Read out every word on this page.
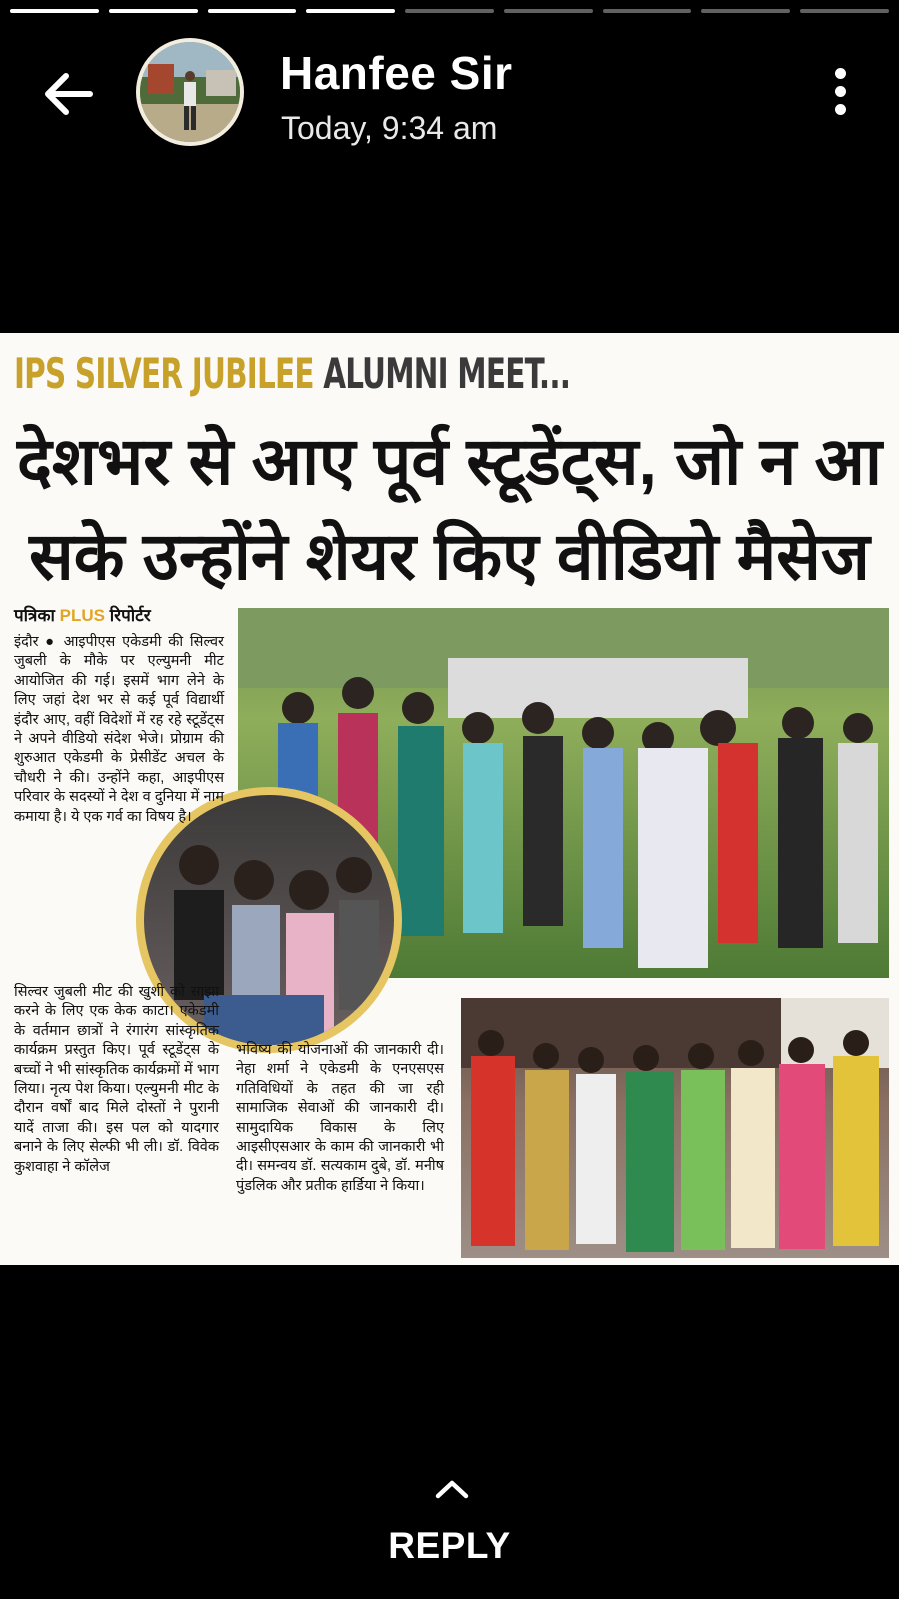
Hanfee Sir
Today, 9:34 am
IPS SILVER JUBILEE ALUMNI MEET...
देशभर से आए पूर्व स्टूडेंट्स, जो न आ
सके उन्होंने शेयर किए वीडियो मैसेज
पत्रिका PLUS रिपोर्टर
इंदौर ● आइपीएस एकेडमी की सिल्वर जुबली के मौके पर एल्युमनी मीट आयोजित की गई। इसमें भाग लेने के लिए जहां देश भर से कई पूर्व विद्यार्थी इंदौर आए, वहीं विदेशों में रह रहे स्टूडेंट्स ने अपने वीडियो संदेश भेजे। प्रोग्राम की शुरुआत एकेडमी के प्रेसीडेंट अचल के चौधरी ने की। उन्होंने कहा, आइपीएस परिवार के सदस्यों ने देश व दुनिया में नाम कमाया है। ये एक गर्व का विषय है।
सिल्वर जुबली मीट की खुशी को साझा करने के लिए एक केक काटा। एकेडमी के वर्तमान छात्रों ने रंगारंग सांस्कृतिक कार्यक्रम प्रस्तुत किए। पूर्व स्टूडेंट्स के बच्चों ने भी सांस्कृतिक कार्यक्रमों में भाग लिया। नृत्य पेश किया। एल्युमनी मीट के दौरान वर्षों बाद मिले दोस्तों ने पुरानी यादें ताजा की। इस पल को यादगार बनाने के लिए सेल्फी भी ली। डॉ. विवेक कुशवाहा ने कॉलेज
भविष्य की योजनाओं की जानकारी दी। नेहा शर्मा ने एकेडमी के एनएसएस गतिविधियों के तहत की जा रही सामाजिक सेवाओं की जानकारी दी। सामुदायिक विकास के लिए आइसीएसआर के काम की जानकारी भी दी। समन्वय डॉ. सत्यकाम दुबे, डॉ. मनीष पुंडलिक और प्रतीक हार्डिया ने किया।
REPLY
